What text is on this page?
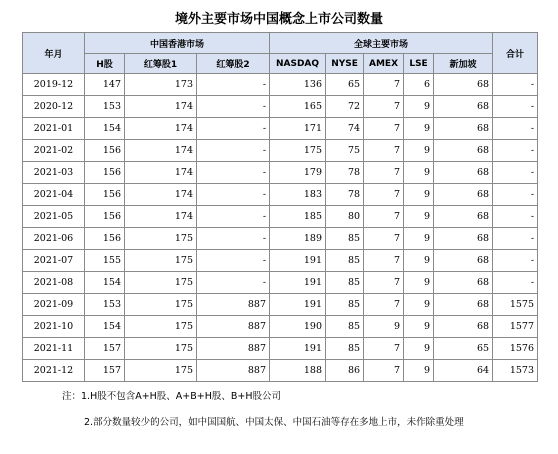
境外主要市场中国概念上市公司数量
年月	中国香港市场			全球主要市场					合计
	H股	红筹股1	红筹股2	NASDAQ	NYSE	AMEX	LSE	新加坡	
2019-12	147	173	-	136	65	7	6	68	-
2020-12	153	174	-	165	72	7	9	68	-
2021-01	154	174	-	171	74	7	9	68	-
2021-02	156	174	-	175	75	7	9	68	-
2021-03	156	174	-	179	78	7	9	68	-
2021-04	156	174	-	183	78	7	9	68	-
2021-05	156	174	-	185	80	7	9	68	-
2021-06	156	175	-	189	85	7	9	68	-
2021-07	155	175	-	191	85	7	9	68	-
2021-08	154	175	-	191	85	7	9	68	-
2021-09	153	175	887	191	85	7	9	68	1575
2021-10	154	175	887	190	85	9	9	68	1577
2021-11	157	175	887	191	85	7	9	65	1576
2021-12	157	175	887	188	86	7	9	64	1573
注：1.H股不包含A+H股、A+B+H股、B+H股公司
2.部分数量较少的公司，如中国国航、中国太保、中国石油等存在多地上市，未作除重处理
